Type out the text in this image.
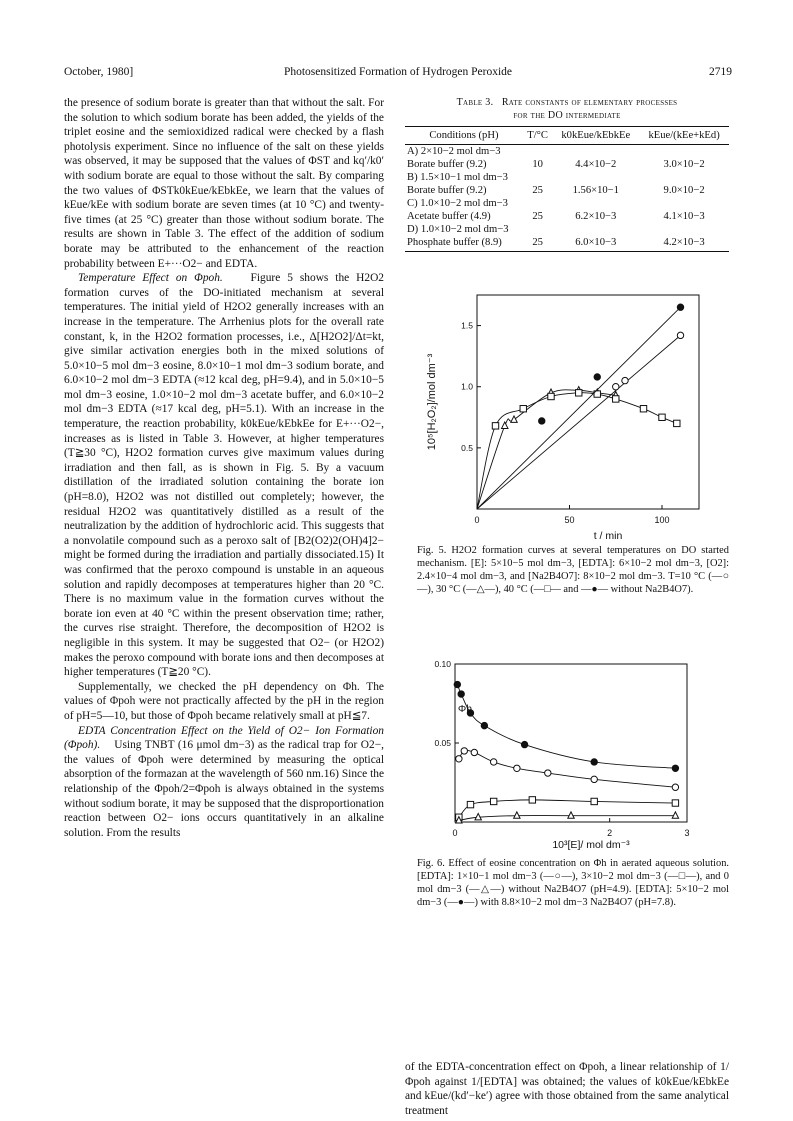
October, 1980]	Photosensitized Formation of Hydrogen Peroxide	2719

the presence of sodium borate is greater than that without the salt. For the solution to which sodium borate has been added, the yields of the triplet eosine and the semioxidized radical were checked by a flash photolysis experiment. Since no influence of the salt on these yields was observed, it may be supposed that the values of ΦST and kq′/k0′ with sodium borate are equal to those without the salt. By comparing the two values of ΦSTk0kEue/kEbkEe, we learn that the values of kEue/kEe with sodium borate are seven times (at 10 °C) and twenty-five times (at 25 °C) greater than those without sodium borate. The results are shown in Table 3. The effect of the addition of sodium borate may be attributed to the enhancement of the reaction probability between E+···O2− and EDTA.

Temperature Effect on Φpoh. Figure 5 shows the H2O2 formation curves of the DO-initiated mechanism at several temperatures. The initial yield of H2O2 generally increases with an increase in the temperature. The Arrhenius plots for the overall rate constant, k, in the H2O2 formation processes, i.e., Δ[H2O2]/Δt=kt, give similar activation energies both in the mixed solutions of 5.0×10−5 mol dm−3 eosine, 8.0×10−1 mol dm−3 sodium borate, and 6.0×10−2 mol dm−3 EDTA (≈12 kcal deg, pH=9.4), and in 5.0×10−5 mol dm−3 eosine, 1.0×10−2 mol dm−3 acetate buffer, and 6.0×10−2 mol dm−3 EDTA (≈17 kcal deg, pH=5.1). With an increase in the temperature, the reaction probability, k0kEue/kEbkEe for E+···O2−, increases as is listed in Table 3. However, at higher temperatures (T≧30 °C), H2O2 formation curves give maximum values during irradiation and then fall, as is shown in Fig. 5. By a vacuum distillation of the irradiated solution containing the borate ion (pH=8.0), H2O2 was not distilled out completely; however, the residual H2O2 was quantitatively distilled as a result of the neutralization by the addition of hydrochloric acid. This suggests that a nonvolatile compound such as a peroxo salt of [B2(O2)2(OH)4]2− might be formed during the irradiation and partially dissociated.15) It was confirmed that the peroxo compound is unstable in an aqueous solution and rapidly decomposes at temperatures higher than 20 °C. There is no maximum value in the formation curves without the borate ion even at 40 °C within the present observation time; rather, the curves rise straight. Therefore, the decomposition of H2O2 is negligible in this system. It may be suggested that O2− (or H2O2) makes the peroxo compound with borate ions and then decomposes at higher temperatures (T≧20 °C).

Supplementally, we checked the pH dependency on Φh. The values of Φpoh were not practically affected by the pH in the region of pH=5—10, but those of Φpoh became relatively small at pH≦7.

EDTA Concentration Effect on the Yield of O2− Ion Formation (Φpoh). Using TNBT (16 μmol dm−3) as the radical trap for O2−, the values of Φpoh were determined by measuring the optical absorption of the formazan at the wavelength of 560 nm.16) Since the relationship of the Φpoh/2=Φpoh is always obtained in the systems without sodium borate, it may be supposed that the disproportionation reaction between O2− ions occurs quantitatively in an alkaline solution. From the results

Table 3. Rate constants of elementary processes
for the DO intermediate
Conditions (pH)	T/°C	k0kEue/kEbkEe	kEue/(kEe+kEd)
A) 2×10−2 mol dm−3			
Borate buffer (9.2)	10	4.4×10−2	3.0×10−2
B) 1.5×10−1 mol dm−3			
Borate buffer (9.2)	25	1.56×10−1	9.0×10−2
C) 1.0×10−2 mol dm−3			
Acetate buffer (4.9)	25	6.2×10−3	4.1×10−3
D) 1.0×10−2 mol dm−3			
Phosphate buffer (8.9)	25	6.0×10−3	4.2×10−3
0	50	100
0.5
1.0
1.5
t / min
10⁵[H₂O₂]/mol dm⁻³
Fig. 5. H2O2 formation curves at several temperatures on DO started mechanism. [E]: 5×10−5 mol dm−3, [EDTA]: 6×10−2 mol dm−3, [O2]: 2.4×10−4 mol dm−3, and [Na2B4O7]: 8×10−2 mol dm−3. T=10 °C (—○—), 30 °C (—△—), 40 °C (—□— and —●— without Na2B4O7).
0	2	3
0.10
0.05
10³[E]/ mol dm⁻³
Φh
Fig. 6. Effect of eosine concentration on Φh in aerated aqueous solution. [EDTA]: 1×10−1 mol dm−3 (—○—), 3×10−2 mol dm−3 (—□—), and 0 mol dm−3 (—△—) without Na2B4O7 (pH=4.9). [EDTA]: 5×10−2 mol dm−3 (—●—) with 8.8×10−2 mol dm−3 Na2B4O7 (pH=7.8).

of the EDTA-concentration effect on Φpoh, a linear relationship of 1/Φpoh against 1/[EDTA] was obtained; the values of k0kEue/kEbkEe and kEue/(kd′−ke′) agree with those obtained from the same analytical treatment
